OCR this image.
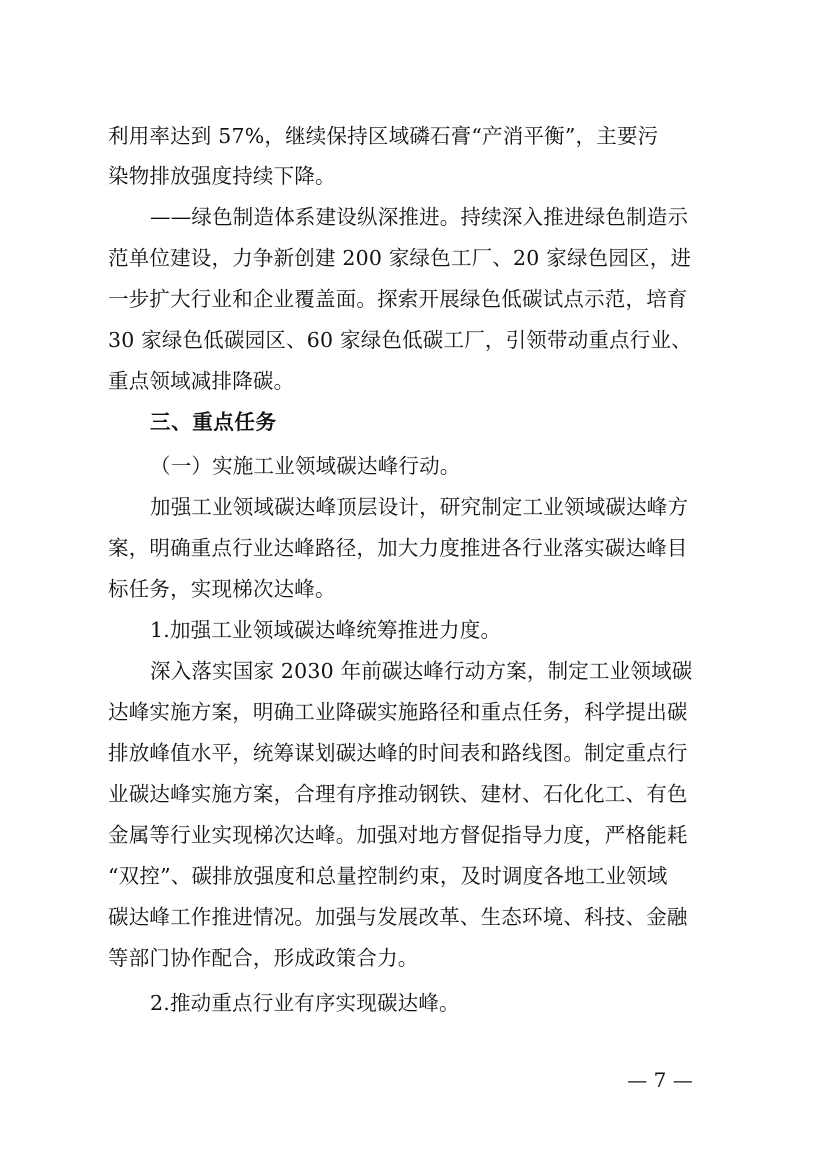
利用率达到 57%，继续保持区域磷石膏“产消平衡”，主要污
染物排放强度持续下降。
——绿色制造体系建设纵深推进。持续深入推进绿色制造示
范单位建设，力争新创建 200 家绿色工厂、20 家绿色园区，进
一步扩大行业和企业覆盖面。探索开展绿色低碳试点示范，培育
30 家绿色低碳园区、60 家绿色低碳工厂，引领带动重点行业、
重点领域减排降碳。
三、重点任务
（一）实施工业领域碳达峰行动。
加强工业领域碳达峰顶层设计，研究制定工业领域碳达峰方
案，明确重点行业达峰路径，加大力度推进各行业落实碳达峰目
标任务，实现梯次达峰。
1.加强工业领域碳达峰统筹推进力度。
深入落实国家 2030 年前碳达峰行动方案，制定工业领域碳
达峰实施方案，明确工业降碳实施路径和重点任务，科学提出碳
排放峰值水平，统筹谋划碳达峰的时间表和路线图。制定重点行
业碳达峰实施方案，合理有序推动钢铁、建材、石化化工、有色
金属等行业实现梯次达峰。加强对地方督促指导力度，严格能耗
“双控”、碳排放强度和总量控制约束，及时调度各地工业领域
碳达峰工作推进情况。加强与发展改革、生态环境、科技、金融
等部门协作配合，形成政策合力。
2.推动重点行业有序实现碳达峰。
— 7 —
